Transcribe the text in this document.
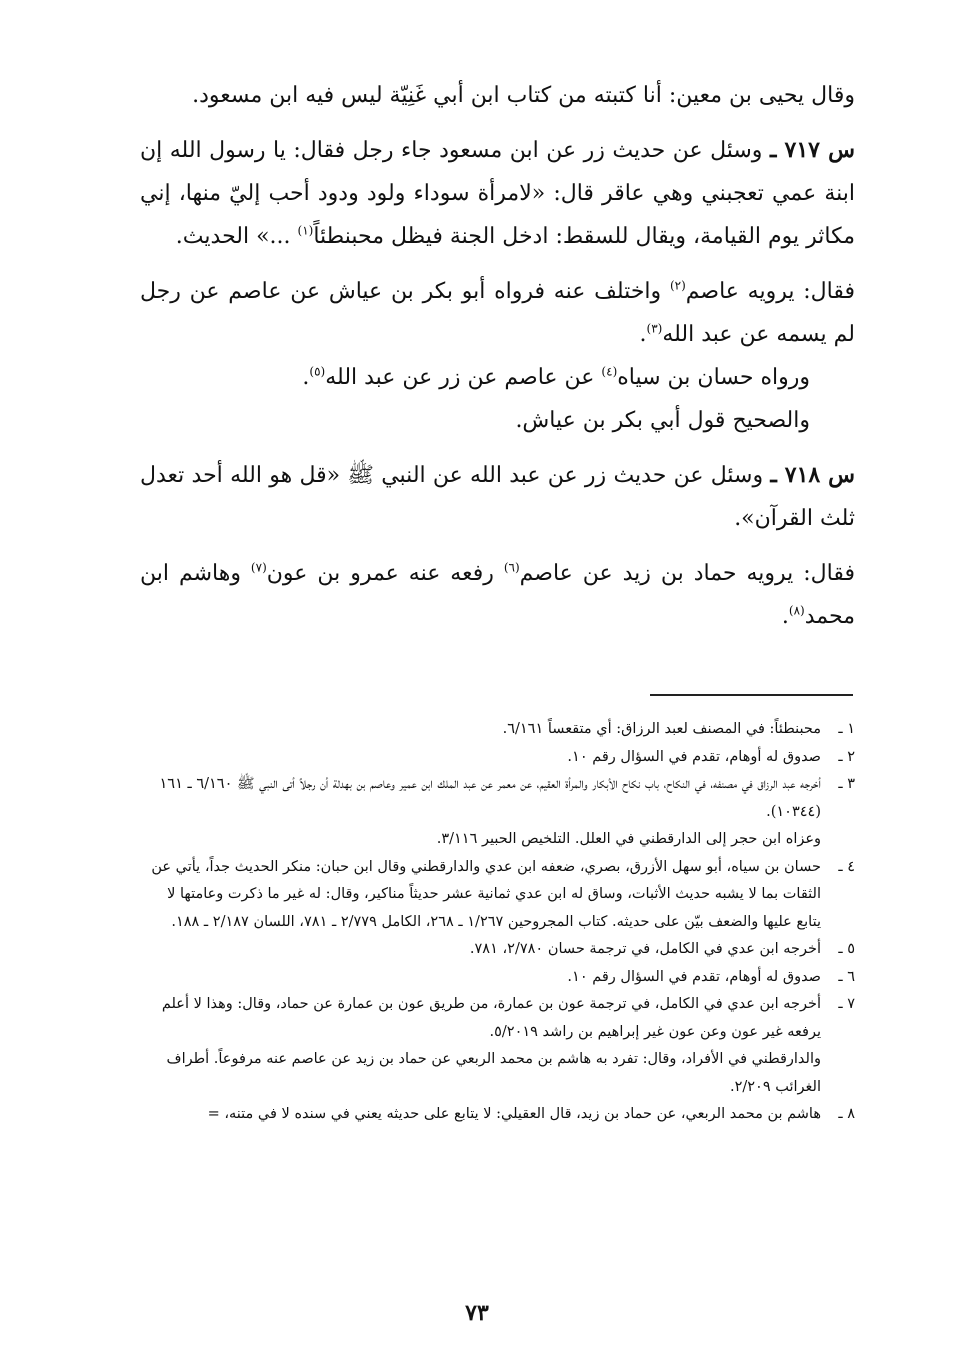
وقال يحيى بن معين: أنا كتبته من كتاب ابن أبي غَنِيّة ليس فيه ابن مسعود.

س ٧١٧ ـ وسئل عن حديث زر عن ابن مسعود جاء رجل فقال: يا رسول الله إن ابنة عمي تعجبني وهي عاقر قال: «لامرأة سوداء ولود ودود أحب إليّ منها، إني مكاثر يوم القيامة، ويقال للسقط: ادخل الجنة فيظل محبنطئاً$^{(١)}$ ...» الحديث.

فقال: يرويه عاصم$^{(٢)}$ واختلف عنه فرواه أبو بكر بن عياش عن عاصم عن رجل لم يسمه عن عبد الله$^{(٣)}$.

ورواه حسان بن سياه$^{(٤)}$ عن عاصم عن زر عن عبد الله$^{(٥)}$.

والصحيح قول أبي بكر بن عياش.

س ٧١٨ ـ وسئل عن حديث زر عن عبد الله عن النبي ﷺ «قل هو الله أحد تعدل ثلث القرآن».

فقال: يرويه حماد بن زيد عن عاصم$^{(٦)}$ رفعه عنه عمرو بن عون$^{(٧)}$ وهاشم ابن محمد$^{(٨)}$.

١ ـ
محبنطئاً: في المصنف لعبد الرزاق: أي متقعساً ٦/١٦١.
٢ ـ
صدوق له أوهام، تقدم في السؤال رقم ١٠.
٣ ـ
أخرجه عبد الرزاق في مصنفه، في النكاح، باب نكاح الأبكار والمرأة العقيم، عن معمر عن عبد الملك ابن عمير وعاصم بن بهدلة أن رجلاً أتى النبي ﷺ ٦/١٦٠ ـ ١٦١ (١٠٣٤٤).
وعزاه ابن حجر إلى الدارقطني في العلل. التلخيص الحبير ٣/١١٦.
٤ ـ
حسان بن سياه، أبو سهل الأزرق، بصري، ضعفه ابن عدي والدارقطني وقال ابن حبان: منكر الحديث جداً، يأتي عن الثقات بما لا يشبه حديث الأثبات، وساق له ابن عدي ثمانية عشر حديثاً مناكير، وقال: له غير ما ذكرت وعامتها لا يتابع عليها والضعف بيّن على حديثه. كتاب المجروحين ١/٢٦٧ ـ ٢٦٨، الكامل ٢/٧٧٩ ـ ٧٨١، اللسان ٢/١٨٧ ـ ١٨٨.
٥ ـ
أخرجه ابن عدي في الكامل، في ترجمة حسان ٢/٧٨٠، ٧٨١.
٦ ـ
صدوق له أوهام، تقدم في السؤال رقم ١٠.
٧ ـ
أخرجه ابن عدي في الكامل، في ترجمة عون بن عمارة، من طريق عون بن عمارة عن حماد، وقال: وهذا لا أعلم يرفعه غير عون وعن عون غير إبراهيم بن راشد ٥/٢٠١٩.
والدارقطني في الأفراد، وقال: تفرد به هاشم بن محمد الربعي عن حماد بن زيد عن عاصم عنه مرفوعاً. أطراف الغرائب ٢/٢٠٩.
٨ ـ
هاشم بن محمد الربعي، عن حماد بن زيد، قال العقيلي: لا يتابع على حديثه يعني في سنده لا في متنه، =
٧٣
